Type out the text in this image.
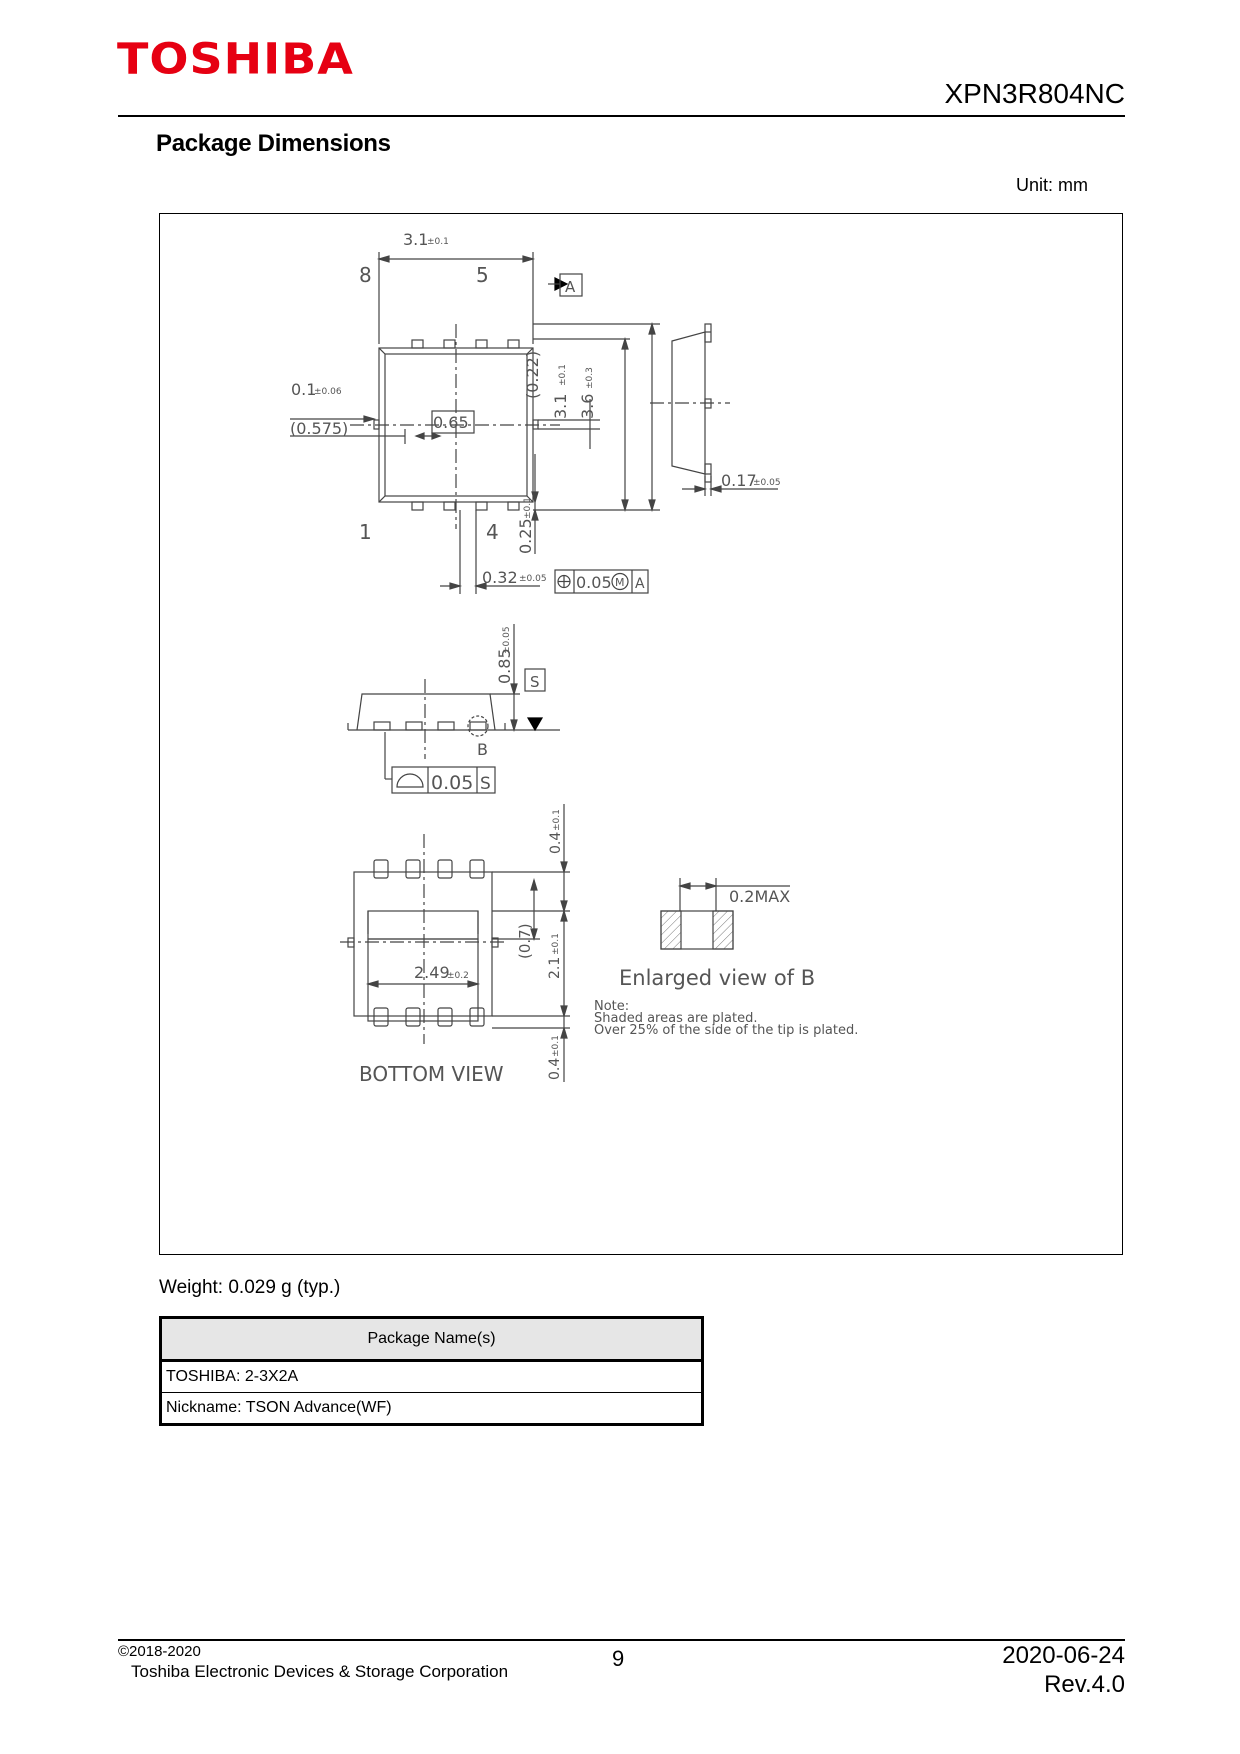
TOSHIBA
XPN3R804NC
Package Dimensions
Unit: mm
3.1
±0.1
8	5	A
1	4
0.1
±0.06
(0.575)	0.65
(0.22)
3.1
±0.1
3.6
±0.3
0.17
±0.05
0.25
±0.1
0.32 ±0.05 0.05 M A
0.85
±0.05
S
B
0.05 S
0.4
±0.1
(0.7)
2.1
±0.1
0.4
±0.1
2.49
±0.2
0.2MAX
Enlarged view of B
Note:
Shaded areas are plated.
Over 25% of the side of the tip is plated.
BOTTOM VIEW
Weight: 0.029 g (typ.)
Package Name(s)
TOSHIBA: 2-3X2A
Nickname: TSON Advance(WF)
©2018-2020
Toshiba Electronic Devices & Storage Corporation
9	2020-06-24
Rev.4.0
